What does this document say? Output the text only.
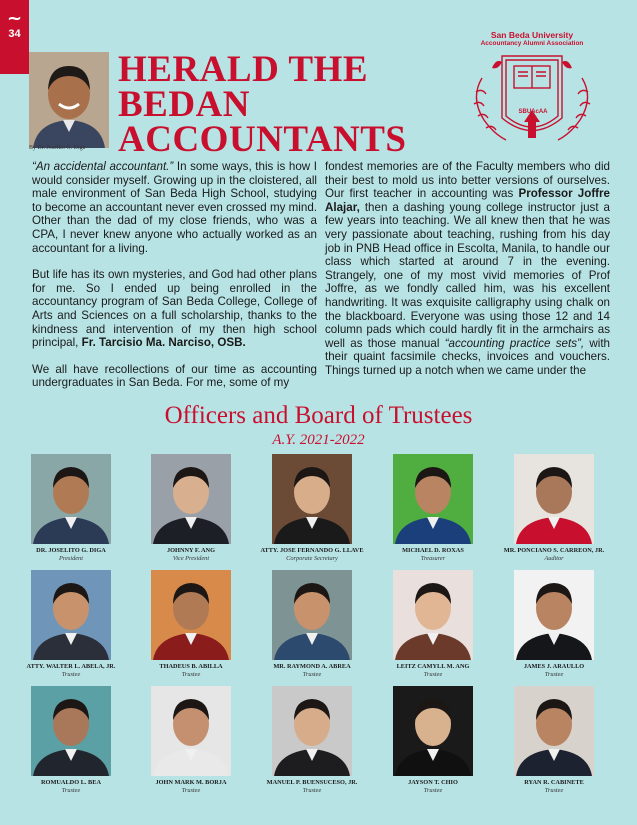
~
34
By Dr. Joselito G. Diga
HERALD THE
BEDAN
ACCOUNTANTS
San Beda University
Accountancy Alumni Association
SBUAcAA

“An accidental accountant.” In some ways, this is how I would consider myself. Growing up in the cloistered, all male environment of San Beda High School, studying to become an accountant never even crossed my mind. Other than the dad of my close friends, who was a CPA, I never knew anyone who actually worked as an accountant for a living.

But life has its own mysteries, and God had other plans for me. So I ended up being enrolled in the accountancy program of San Beda College, College of Arts and Sciences on a full scholarship, thanks to the kindness and intervention of my then high school principal, Fr. Tarcisio Ma. Narciso, OSB.

We all have recollections of our time as accounting undergraduates in San Beda. For me, some of my

fondest memories are of the Faculty members who did their best to mold us into better versions of ourselves. Our first teacher in accounting was Professor Joffre Alajar, then a dashing young college instructor just a few years into teaching. We all knew then that he was very passionate about teaching, rushing from his day job in PNB Head office in Escolta, Manila, to handle our class which started at around 7 in the evening. Strangely, one of my most vivid memories of Prof Joffre, as we fondly called him, was his excellent handwriting. It was exquisite calligraphy using chalk on the blackboard. Everyone was using those 12 and 14 column pads which could hardly fit in the armchairs as well as those manual “accounting practice sets”, with their quaint facsimile checks, invoices and vouchers. Things turned up a notch when we came under the

Officers and Board of Trustees
A.Y. 2021-2022
DR. JOSELITO G. DIGA
President
JOHNNY F. ANG
Vice President
ATTY. JOSE FERNANDO G. LLAVE
Corporate Secretary
MICHAEL D. ROXAS
Treasurer
MR. PONCIANO S. CARREON, JR.
Auditor
ATTY. WALTER L. ABELA, JR.
Trustee
THADEUS B. ABILLA
Trustee
MR. RAYMOND A. ABREA
Trustee
LEITZ CAMYLL M. ANG
Trustee
JAMES J. ARAULLO
Trustee
ROMUALDO L. BEA
Trustee
JOHN MARK M. BORJA
Trustee
MANUEL P. BUENSUCESO, JR.
Trustee
JAYSON T. CHIO
Trustee
RYAN R. CABINETE
Trustee
